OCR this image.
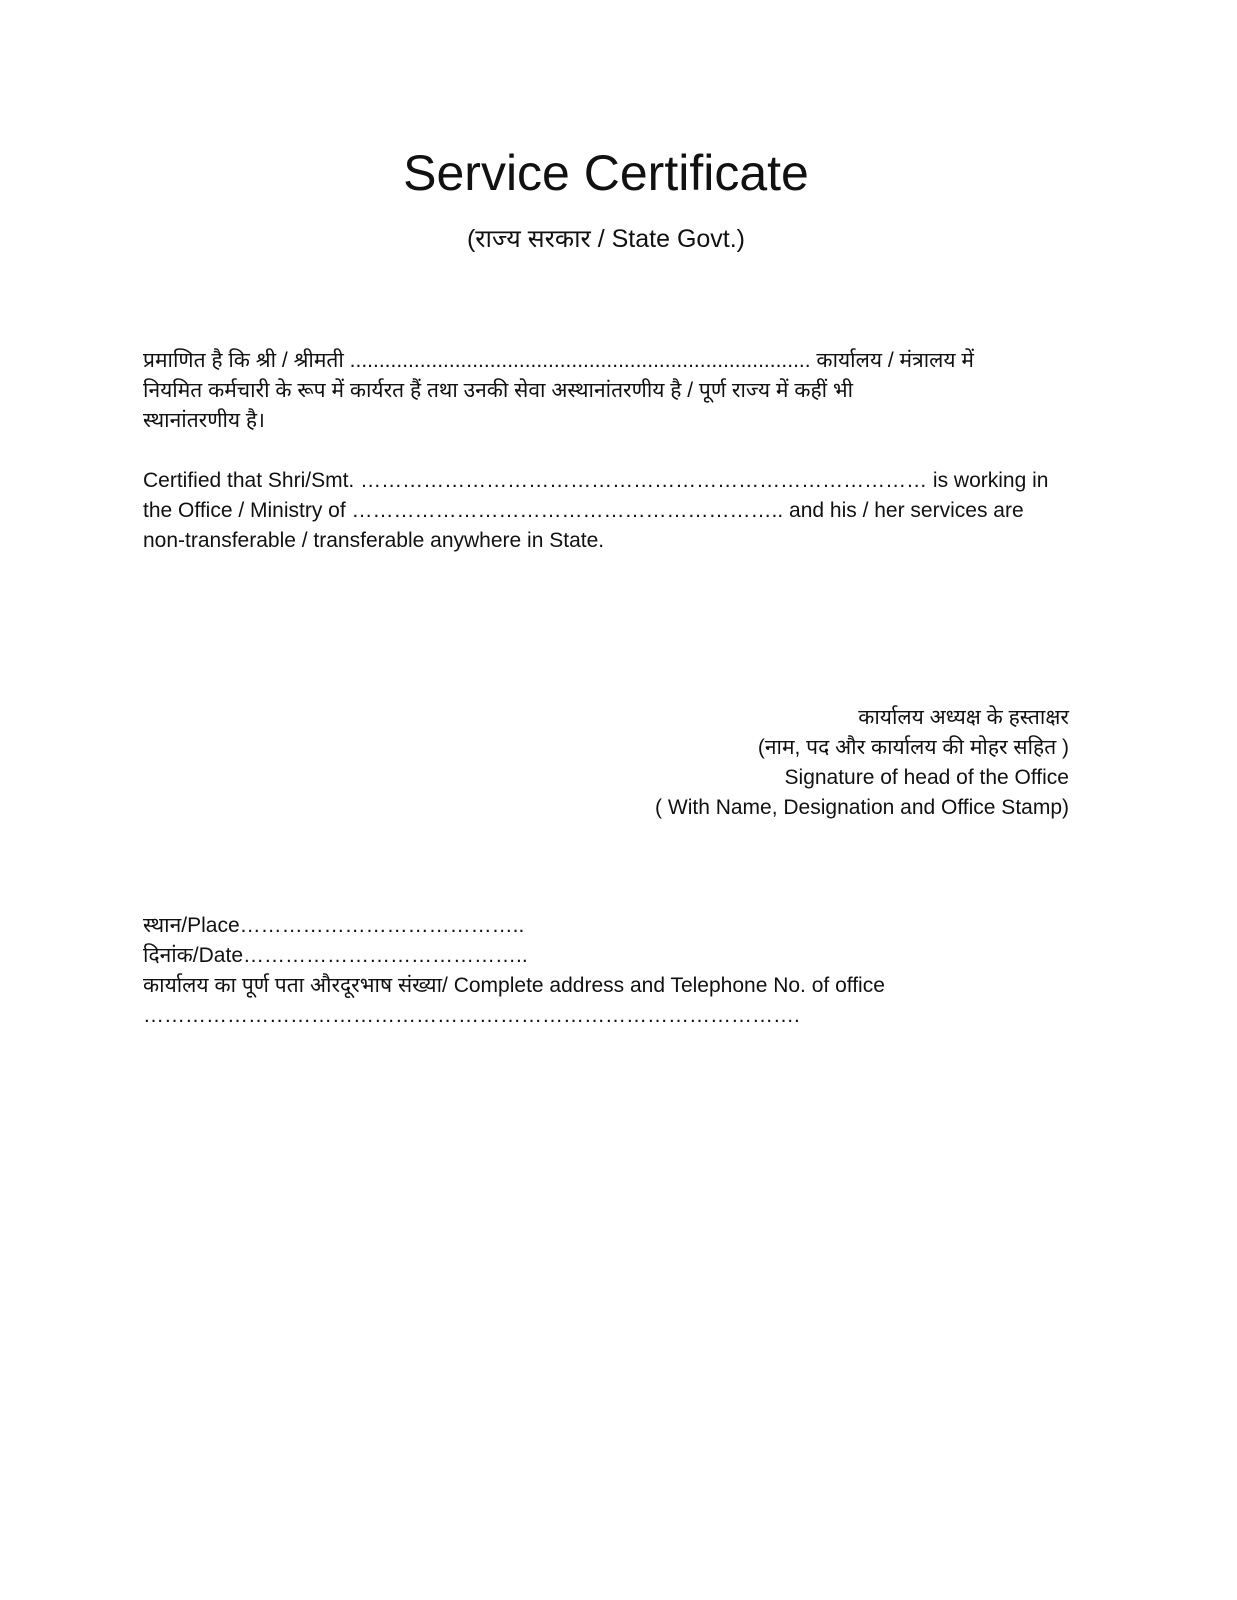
Service Certificate
(राज्य सरकार / State Govt.)

प्रमाणित है कि श्री / श्रीमती ............................................................................... कार्यालय / मंत्रालय में
नियमित कर्मचारी के रूप में कार्यरत हैं तथा उनकी सेवा अस्थानांतरणीय है / पूर्ण राज्य में कहीं भी
स्थानांतरणीय है।

Certified that Shri/Smt. ……………………………………………………………………… is working in
the Office / Ministry of …………………………………………………….. and his / her services are
non-transferable / transferable anywhere in State.

कार्यालय अध्यक्ष के हस्ताक्षर
(नाम, पद और कार्यालय की मोहर सहित )
Signature of head of the Office
( With Name, Designation and Office Stamp)
स्थान/Place…………………………………..
दिनांक/Date…………………………………..
कार्यालय का पूर्ण पता औरदूरभाष संख्या/ Complete address and Telephone No. of office
………………………………………………………………………………….
